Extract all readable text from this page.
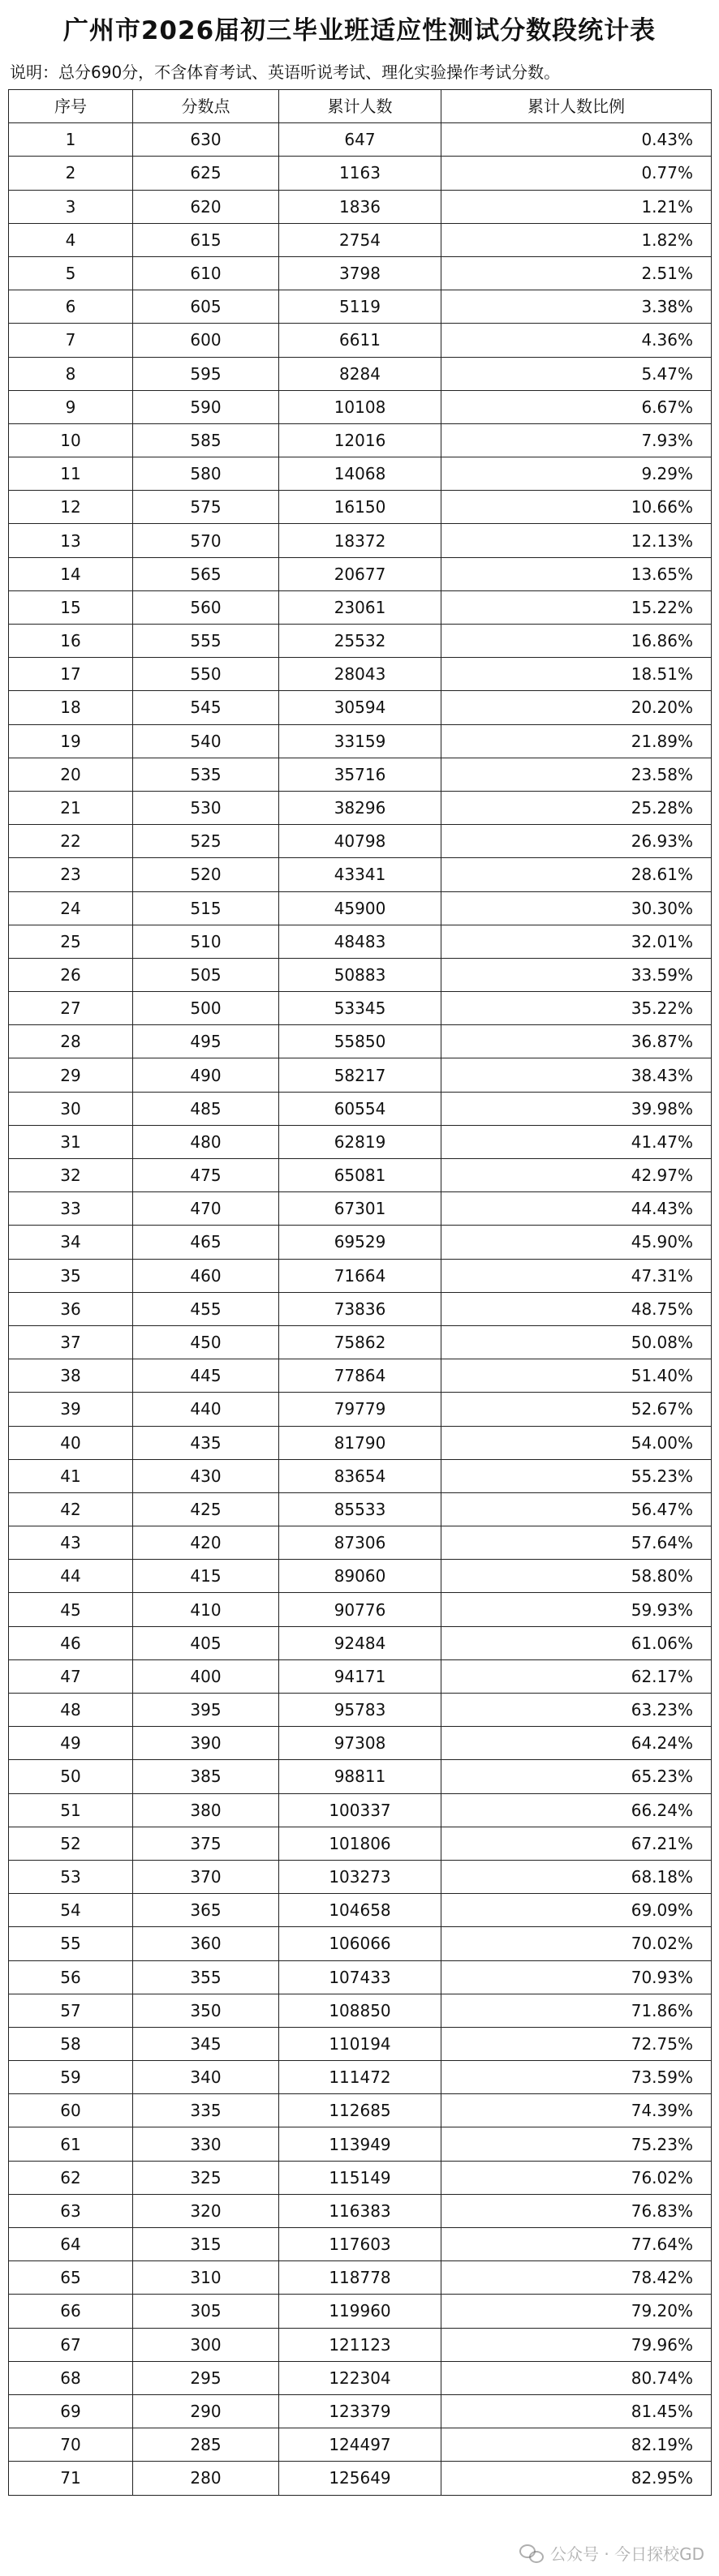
广州市2026届初三毕业班适应性测试分数段统计表
说明：总分690分，不含体育考试、英语听说考试、理化实验操作考试分数。
序号	分数点	累计人数	累计人数比例
1	630	647	0.43%
2	625	1163	0.77%
3	620	1836	1.21%
4	615	2754	1.82%
5	610	3798	2.51%
6	605	5119	3.38%
7	600	6611	4.36%
8	595	8284	5.47%
9	590	10108	6.67%
10	585	12016	7.93%
11	580	14068	9.29%
12	575	16150	10.66%
13	570	18372	12.13%
14	565	20677	13.65%
15	560	23061	15.22%
16	555	25532	16.86%
17	550	28043	18.51%
18	545	30594	20.20%
19	540	33159	21.89%
20	535	35716	23.58%
21	530	38296	25.28%
22	525	40798	26.93%
23	520	43341	28.61%
24	515	45900	30.30%
25	510	48483	32.01%
26	505	50883	33.59%
27	500	53345	35.22%
28	495	55850	36.87%
29	490	58217	38.43%
30	485	60554	39.98%
31	480	62819	41.47%
32	475	65081	42.97%
33	470	67301	44.43%
34	465	69529	45.90%
35	460	71664	47.31%
36	455	73836	48.75%
37	450	75862	50.08%
38	445	77864	51.40%
39	440	79779	52.67%
40	435	81790	54.00%
41	430	83654	55.23%
42	425	85533	56.47%
43	420	87306	57.64%
44	415	89060	58.80%
45	410	90776	59.93%
46	405	92484	61.06%
47	400	94171	62.17%
48	395	95783	63.23%
49	390	97308	64.24%
50	385	98811	65.23%
51	380	100337	66.24%
52	375	101806	67.21%
53	370	103273	68.18%
54	365	104658	69.09%
55	360	106066	70.02%
56	355	107433	70.93%
57	350	108850	71.86%
58	345	110194	72.75%
59	340	111472	73.59%
60	335	112685	74.39%
61	330	113949	75.23%
62	325	115149	76.02%
63	320	116383	76.83%
64	315	117603	77.64%
65	310	118778	78.42%
66	305	119960	79.20%
67	300	121123	79.96%
68	295	122304	80.74%
69	290	123379	81.45%
70	285	124497	82.19%
71	280	125649	82.95%
公众号 · 今日探校GD
